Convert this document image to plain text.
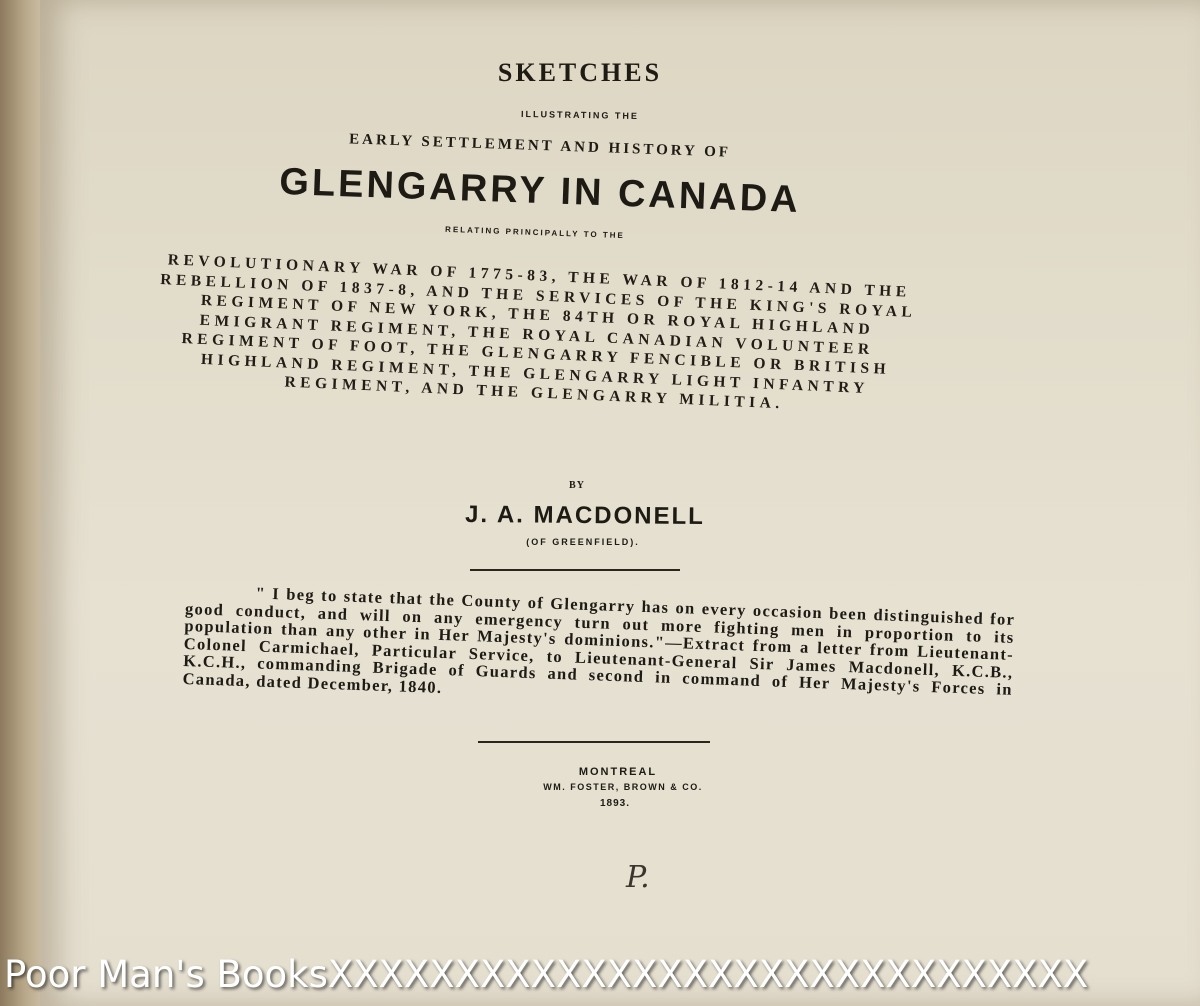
SKETCHES
ILLUSTRATING THE
EARLY SETTLEMENT AND HISTORY OF
GLENGARRY IN CANADA
RELATING PRINCIPALLY TO THE
REVOLUTIONARY WAR OF 1775-83, THE WAR OF 1812-14 AND THE REBELLION OF 1837-8, AND THE SERVICES OF THE KING'S ROYAL REGIMENT OF NEW YORK, THE 84TH OR ROYAL HIGHLAND EMIGRANT REGIMENT, THE ROYAL CANADIAN VOLUNTEER REGIMENT OF FOOT, THE GLENGARRY FENCIBLE OR BRITISH HIGHLAND REGIMENT, THE GLENGARRY LIGHT INFANTRY REGIMENT, AND THE GLENGARRY MILITIA.
BY
J. A. MACDONELL
(OF GREENFIELD).
" I beg to state that the County of Glengarry has on every occasion been distinguished for good conduct, and will on any emergency turn out more fighting men in proportion to its population than any other in Her Majesty's dominions."—Extract from a letter from Lieutenant-Colonel Carmichael, Particular Service, to Lieutenant-General Sir James Macdonell, K.C.B., K.C.H., commanding Brigade of Guards and second in command of Her Majesty's Forces in Canada, dated December, 1840.
MONTREAL
WM. FOSTER, BROWN & CO.
1893.
P.
Poor Man's BooksXXXXXXXXXXXXXXXXXXXXXXXXXXXXXX
